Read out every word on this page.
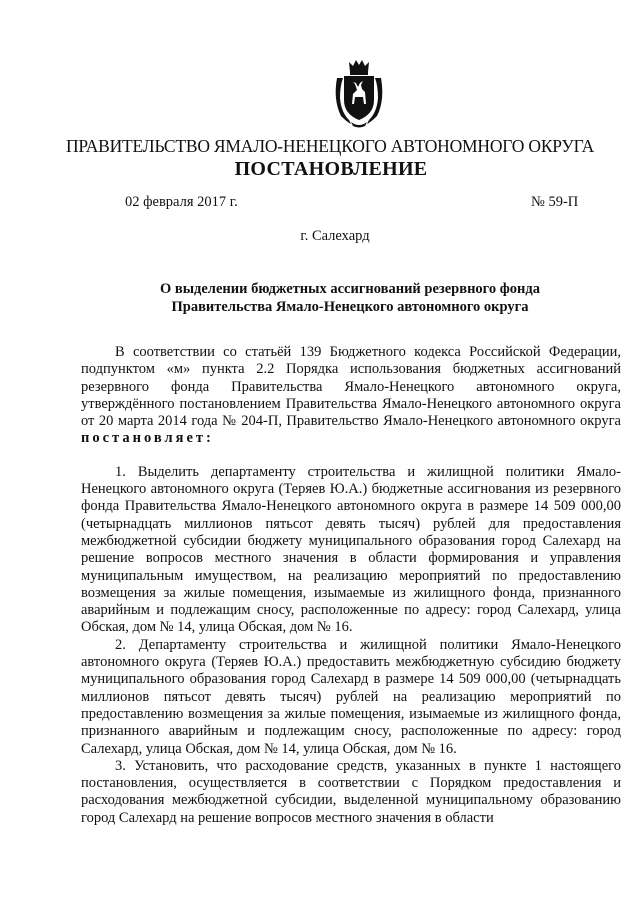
ПРАВИТЕЛЬСТВО ЯМАЛО-НЕНЕЦКОГО АВТОНОМНОГО ОКРУГА
ПОСТАНОВЛЕНИЕ
02 февраля 2017 г.	№ 59-П
г. Салехард
О выделении бюджетных ассигнований резервного фонда
Правительства Ямало-Ненецкого автономного округа

В соответствии со статьёй 139 Бюджетного кодекса Российской Федерации, подпунктом «м» пункта 2.2 Порядка использования бюджетных ассигнований резервного фонда Правительства Ямало-Ненецкого автономного округа, утверждённого постановлением Правительства Ямало-Ненецкого автономного округа от 20 марта 2014 года № 204-П, Правительство Ямало-Ненецкого автономного округа постановляет:

1. Выделить департаменту строительства и жилищной политики Ямало-Ненецкого автономного округа (Теряев Ю.А.) бюджетные ассигнования из резервного фонда Правительства Ямало-Ненецкого автономного округа в размере 14 509 000,00 (четырнадцать миллионов пятьсот девять тысяч) рублей для предоставления межбюджетной субсидии бюджету муниципального образования город Салехард на решение вопросов местного значения в области формирования и управления муниципальным имуществом, на реализацию мероприятий по предоставлению возмещения за жилые помещения, изымаемые из жилищного фонда, признанного аварийным и подлежащим сносу, расположенные по адресу: город Салехард, улица Обская, дом № 14, улица Обская, дом № 16.

2. Департаменту строительства и жилищной политики Ямало-Ненецкого автономного округа (Теряев Ю.А.) предоставить межбюджетную субсидию бюджету муниципального образования город Салехард в размере 14 509 000,00 (четырнадцать миллионов пятьсот девять тысяч) рублей на реализацию мероприятий по предоставлению возмещения за жилые помещения, изымаемые из жилищного фонда, признанного аварийным и подлежащим сносу, расположенные по адресу: город Салехард, улица Обская, дом № 14, улица Обская, дом № 16.

3. Установить, что расходование средств, указанных в пункте 1 настоящего постановления, осуществляется в соответствии с Порядком предоставления и расходования межбюджетной субсидии, выделенной муниципальному образованию город Салехард на решение вопросов местного значения в области
